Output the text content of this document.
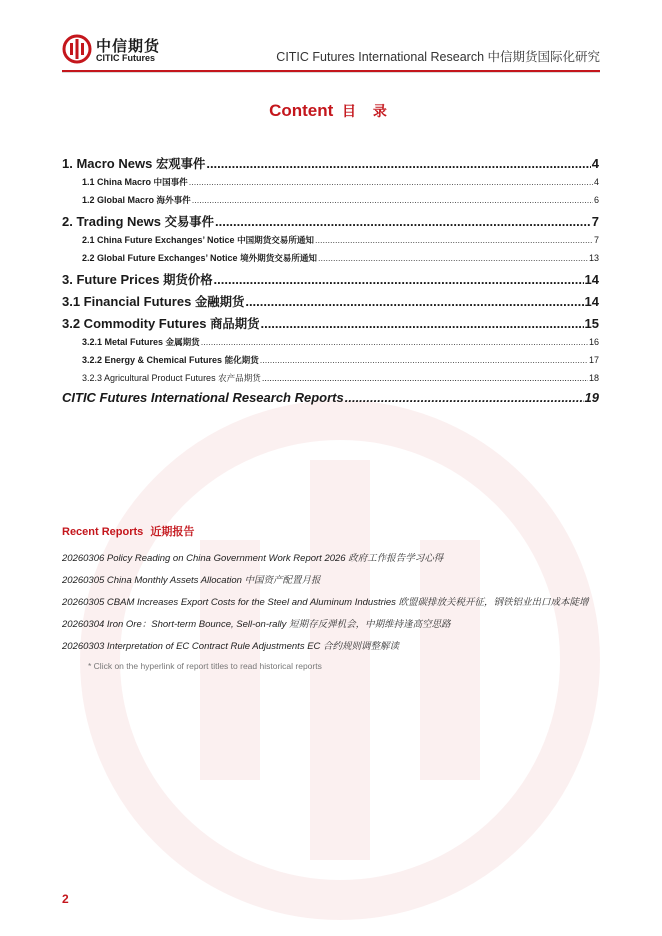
中信期货
CITIC Futures	CITIC Futures International Research 中信期货国际化研究
Content 目 录
1. Macro News 宏观事件 .....	4
1.1 China Macro 中国事件 .....	4
1.2 Global Macro 海外事件 .....	6
2. Trading News 交易事件 .....	7
2.1 China Future Exchanges’ Notice 中国期货交易所通知 .....	7
2.2 Global Future Exchanges’ Notice 境外期货交易所通知 .....	13
3. Future Prices 期货价格 .....	14
3.1 Financial Futures 金融期货 .....	14
3.2 Commodity Futures 商品期货 .....	15
3.2.1 Metal Futures 金属期货 .....	16
3.2.2 Energy & Chemical Futures 能化期货 .....	17
3.2.3 Agricultural Product Futures 农产品期货 .....	18
CITIC Futures International Research Reports .....	19
Recent Reports 近期报告
20260306 Policy Reading on China Government Work Report 2026 政府工作报告学习心得
20260305 China Monthly Assets Allocation 中国资产配置月报
20260305 CBAM Increases Export Costs for the Steel and Aluminum Industries 欧盟碳排放关税开征，钢铁铝业出口成本陡增
20260304 Iron Ore：Short-term Bounce, Sell-on-rally 短期存反弹机会，中期维持逢高空思路
20260303 Interpretation of EC Contract Rule Adjustments EC 合约规则调整解读
* Click on the hyperlink of report titles to read historical reports
2
